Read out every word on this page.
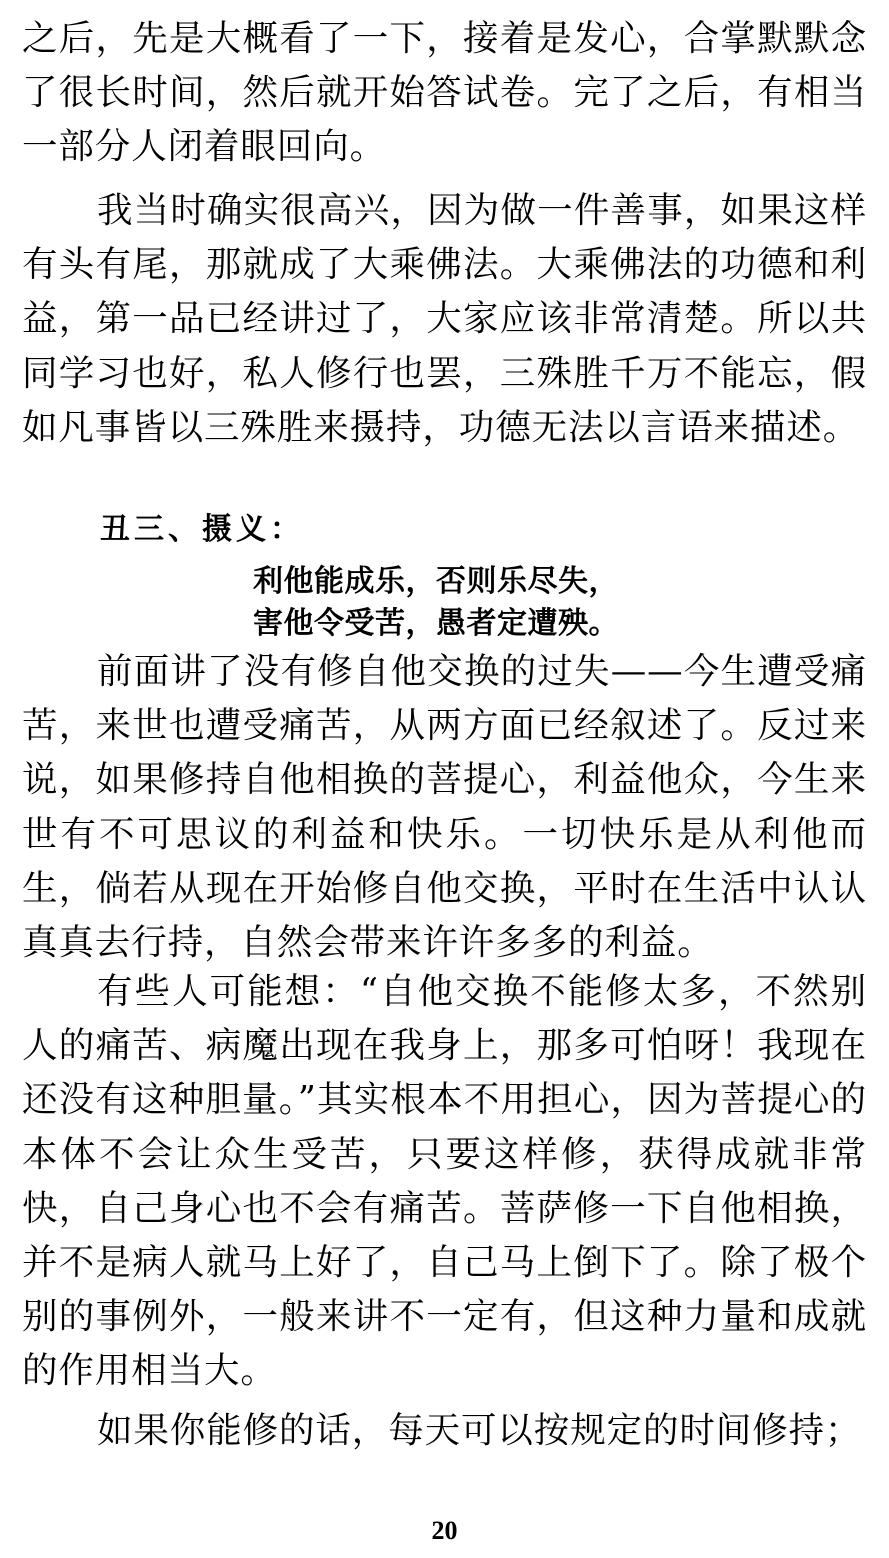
之后，先是大概看了一下，接着是发心，合掌默默念了很长时间，然后就开始答试卷。完了之后，有相当一部分人闭着眼回向。

我当时确实很高兴，因为做一件善事，如果这样有头有尾，那就成了大乘佛法。大乘佛法的功德和利益，第一品已经讲过了，大家应该非常清楚。所以共同学习也好，私人修行也罢，三殊胜千万不能忘，假如凡事皆以三殊胜来摄持，功德无法以言语来描述。

丑三、摄义：
利他能成乐，否则乐尽失，
害他令受苦，愚者定遭殃。

前面讲了没有修自他交换的过失——今生遭受痛苦，来世也遭受痛苦，从两方面已经叙述了。反过来说，如果修持自他相换的菩提心，利益他众，今生来世有不可思议的利益和快乐。一切快乐是从利他而生，倘若从现在开始修自他交换，平时在生活中认认真真去行持，自然会带来许许多多的利益。

有些人可能想：“自他交换不能修太多，不然别人的痛苦、病魔出现在我身上，那多可怕呀！我现在还没有这种胆量。”其实根本不用担心，因为菩提心的本体不会让众生受苦，只要这样修，获得成就非常快，自己身心也不会有痛苦。菩萨修一下自他相换，并不是病人就马上好了，自己马上倒下了。除了极个别的事例外，一般来讲不一定有，但这种力量和成就的作用相当大。

如果你能修的话，每天可以按规定的时间修持；

20
